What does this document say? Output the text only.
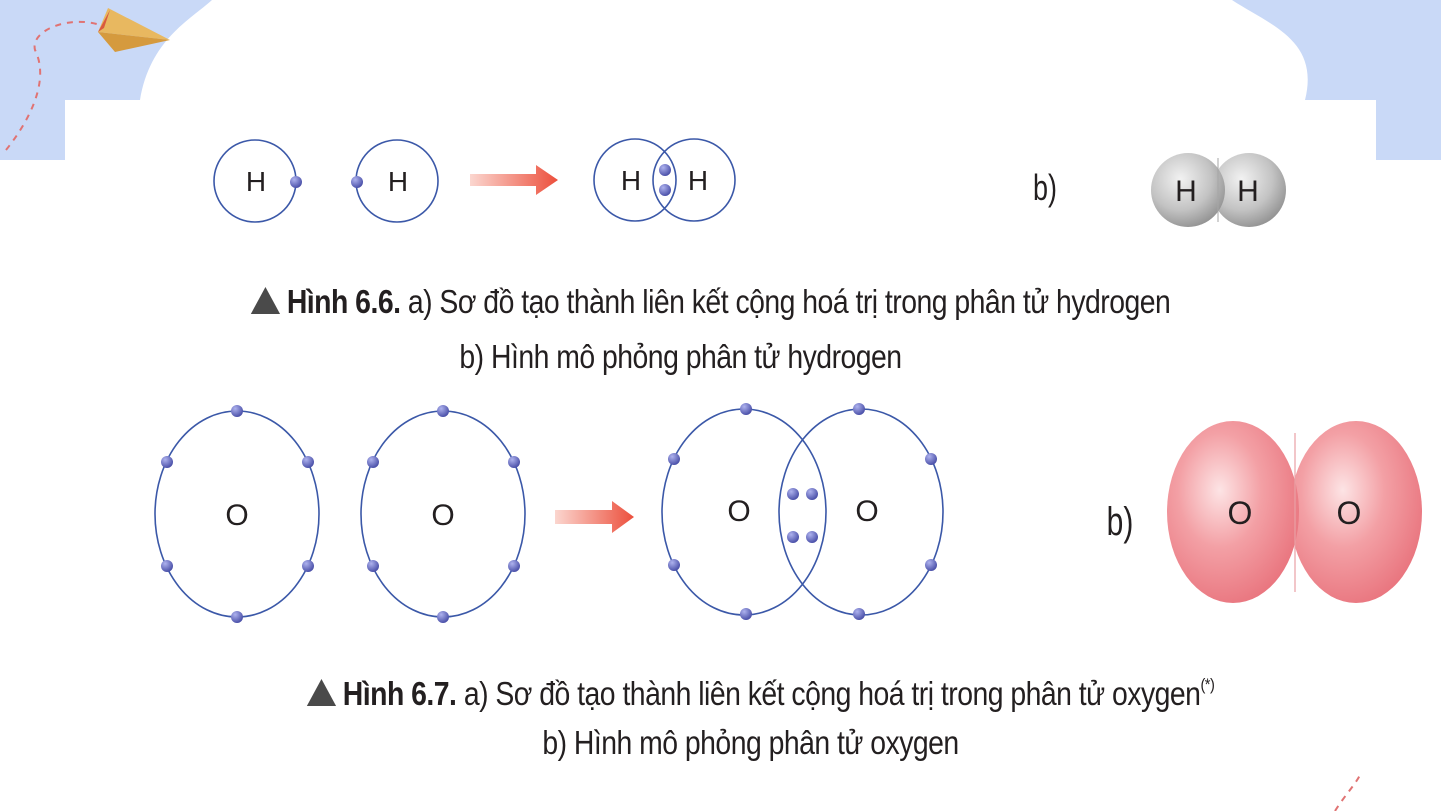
H	H	H H	b)	H H
O	O	O	O	b)	O	O
Hình 6.6. a) Sơ đồ tạo thành liên kết cộng hoá trị trong phân tử hydrogen
b) Hình mô phỏng phân tử hydrogen
Hình 6.7. a) Sơ đồ tạo thành liên kết cộng hoá trị trong phân tử oxygen(*)
b) Hình mô phỏng phân tử oxygen
